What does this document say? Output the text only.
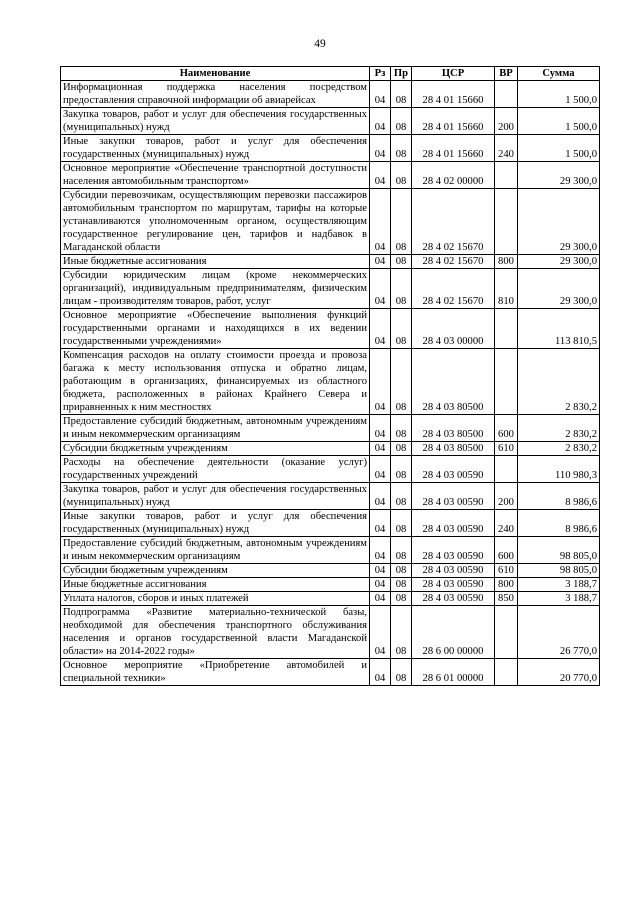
49
Наименование	Рз	Пр	ЦСР	ВР	Сумма
Информационная поддержка населения посредством предоставления справочной информации об авиарейсах	04	08	28 4 01 15660		1 500,0
Закупка товаров, работ и услуг для обеспечения государственных (муниципальных) нужд	04	08	28 4 01 15660	200	1 500,0
Иные закупки товаров, работ и услуг для обеспечения государственных (муниципальных) нужд	04	08	28 4 01 15660	240	1 500,0
Основное мероприятие «Обеспечение транспортной доступности населения автомобильным транспортом»	04	08	28 4 02 00000		29 300,0
Субсидии перевозчикам, осуществляющим перевозки пассажиров автомобильным транспортом по маршрутам, тарифы на которые устанавливаются уполномоченным органом, осуществляющим государственное регулирование цен, тарифов и надбавок в Магаданской области	04	08	28 4 02 15670		29 300,0
Иные бюджетные ассигнования	04	08	28 4 02 15670	800	29 300,0
Субсидии юридическим лицам (кроме некоммерческих организаций), индивидуальным предпринимателям, физическим лицам - производителям товаров, работ, услуг	04	08	28 4 02 15670	810	29 300,0
Основное мероприятие «Обеспечение выполнения функций государственными органами и находящихся в их ведении государственными учреждениями»	04	08	28 4 03 00000		113 810,5
Компенсация расходов на оплату стоимости проезда и провоза багажа к месту использования отпуска и обратно лицам, работающим в организациях, финансируемых из областного бюджета, расположенных в районах Крайнего Севера и приравненных к ним местностях	04	08	28 4 03 80500		2 830,2
Предоставление субсидий бюджетным, автономным учреждениям и иным некоммерческим организациям	04	08	28 4 03 80500	600	2 830,2
Субсидии бюджетным учреждениям	04	08	28 4 03 80500	610	2 830,2
Расходы на обеспечение деятельности (оказание услуг) государственных учреждений	04	08	28 4 03 00590		110 980,3
Закупка товаров, работ и услуг для обеспечения государственных (муниципальных) нужд	04	08	28 4 03 00590	200	8 986,6
Иные закупки товаров, работ и услуг для обеспечения государственных (муниципальных) нужд	04	08	28 4 03 00590	240	8 986,6
Предоставление субсидий бюджетным, автономным учреждениям и иным некоммерческим организациям	04	08	28 4 03 00590	600	98 805,0
Субсидии бюджетным учреждениям	04	08	28 4 03 00590	610	98 805,0
Иные бюджетные ассигнования	04	08	28 4 03 00590	800	3 188,7
Уплата налогов, сборов и иных платежей	04	08	28 4 03 00590	850	3 188,7
Подпрограмма «Развитие материально-технической базы, необходимой для обеспечения транспортного обслуживания населения и органов государственной власти Магаданской области» на 2014-2022 годы»	04	08	28 6 00 00000		26 770,0
Основное мероприятие «Приобретение автомобилей и специальной техники»	04	08	28 6 01 00000		20 770,0
